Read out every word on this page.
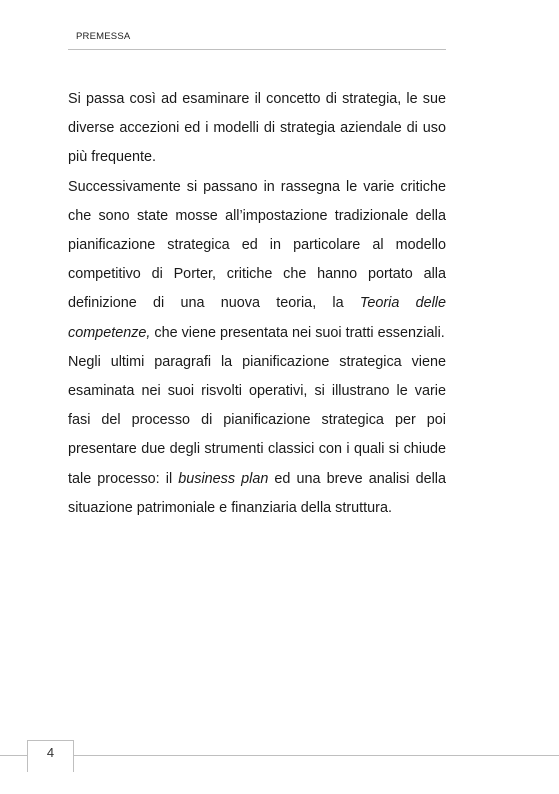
PREMESSA

Si passa così ad esaminare il concetto di strategia, le sue diverse accezioni ed i modelli di strategia aziendale di uso più frequente.

Successivamente si passano in rassegna le varie critiche che sono state mosse all’impostazione tradizionale della pianificazione strategica ed in particolare al modello competitivo di Porter, critiche che hanno portato alla definizione di una nuova teoria, la Teoria delle competenze, che viene presentata nei suoi tratti essenziali.

Negli ultimi paragrafi la pianificazione strategica viene esaminata nei suoi risvolti operativi, si illustrano le varie fasi del processo di pianificazione strategica per poi presentare due degli strumenti classici con i quali si chiude tale processo: il business plan ed una breve analisi della situazione patrimoniale e finanziaria della struttura.

4
